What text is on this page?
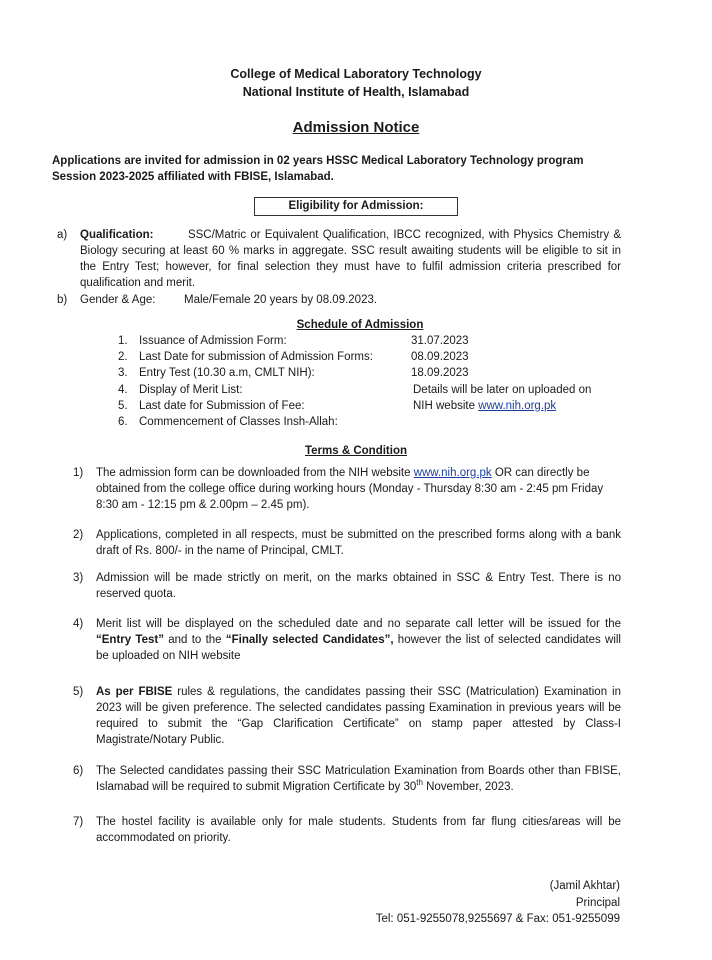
College of Medical Laboratory Technology
National Institute of Health, Islamabad
Admission Notice
Applications are invited for admission in 02 years HSSC Medical Laboratory Technology program Session 2023-2025 affiliated with FBISE, Islamabad.
Eligibility for Admission:
a) Qualification:	SSC/Matric or Equivalent Qualification, IBCC recognized, with Physics Chemistry & Biology securing at least 60 % marks in aggregate. SSC result awaiting students will be eligible to sit in the Entry Test; however, for final selection they must have to fulfil admission criteria prescribed for qualification and merit.
b) Gender & Age: Male/Female 20 years by 08.09.2023.
Schedule of Admission
1. Issuance of Admission Form:	31.07.2023
2. Last Date for submission of Admission Forms:	08.09.2023
3. Entry Test (10.30 a.m, CMLT NIH):	18.09.2023
4. Display of Merit List:	Details will be later on uploaded on
5. Last date for Submission of Fee:	NIH website www.nih.org.pk
6. Commencement of Classes Insh-Allah:
Terms & Condition
1) The admission form can be downloaded from the NIH website www.nih.org.pk OR can directly be obtained from the college office during working hours (Monday - Thursday 8:30 am - 2:45 pm Friday 8:30 am - 12:15 pm & 2.00pm – 2.45 pm).
2) Applications, completed in all respects, must be submitted on the prescribed forms along with a bank draft of Rs. 800/- in the name of Principal, CMLT.
3) Admission will be made strictly on merit, on the marks obtained in SSC & Entry Test. There is no reserved quota.
4) Merit list will be displayed on the scheduled date and no separate call letter will be issued for the “Entry Test” and to the “Finally selected Candidates”, however the list of selected candidates will be uploaded on NIH website
5) As per FBISE rules & regulations, the candidates passing their SSC (Matriculation) Examination in 2023 will be given preference. The selected candidates passing Examination in previous years will be required to submit the “Gap Clarification Certificate” on stamp paper attested by Class-I Magistrate/Notary Public.
6) The Selected candidates passing their SSC Matriculation Examination from Boards other than FBISE, Islamabad will be required to submit Migration Certificate by 30th November, 2023.
7) The hostel facility is available only for male students. Students from far flung cities/areas will be accommodated on priority.
(Jamil Akhtar)
Principal
Tel: 051-9255078,9255697 & Fax: 051-9255099
